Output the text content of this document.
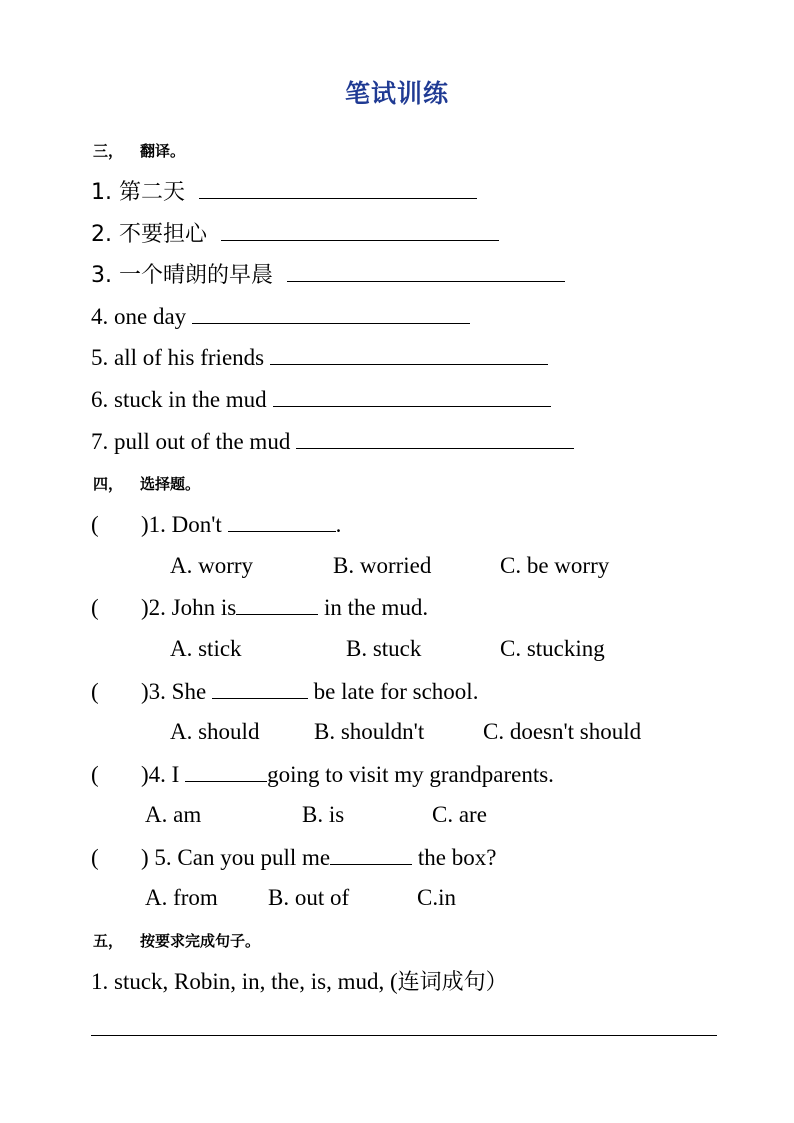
笔试训练
三， 翻译。
1. 第二天
2. 不要担心
3. 一个晴朗的早晨
4. one day
5. all of his friends
6. stuck in the mud
7. pull out of the mud
四， 选择题。
( )1. Don't	.
A. worry	B. worried	C. be worry
( )2. John is	in the mud.
A. stick	B. stuck	C. stucking
( )3. She	be late for school.
A. should B. shouldn't	C. doesn't should
( )4. I	going to visit my grandparents.
A. am	B. is	C. are
( ) 5. Can you pull me	the box?
A. from B. out of	C.in
五， 按要求完成句子。
1. stuck, Robin, in, the, is, mud, (连词成句）
